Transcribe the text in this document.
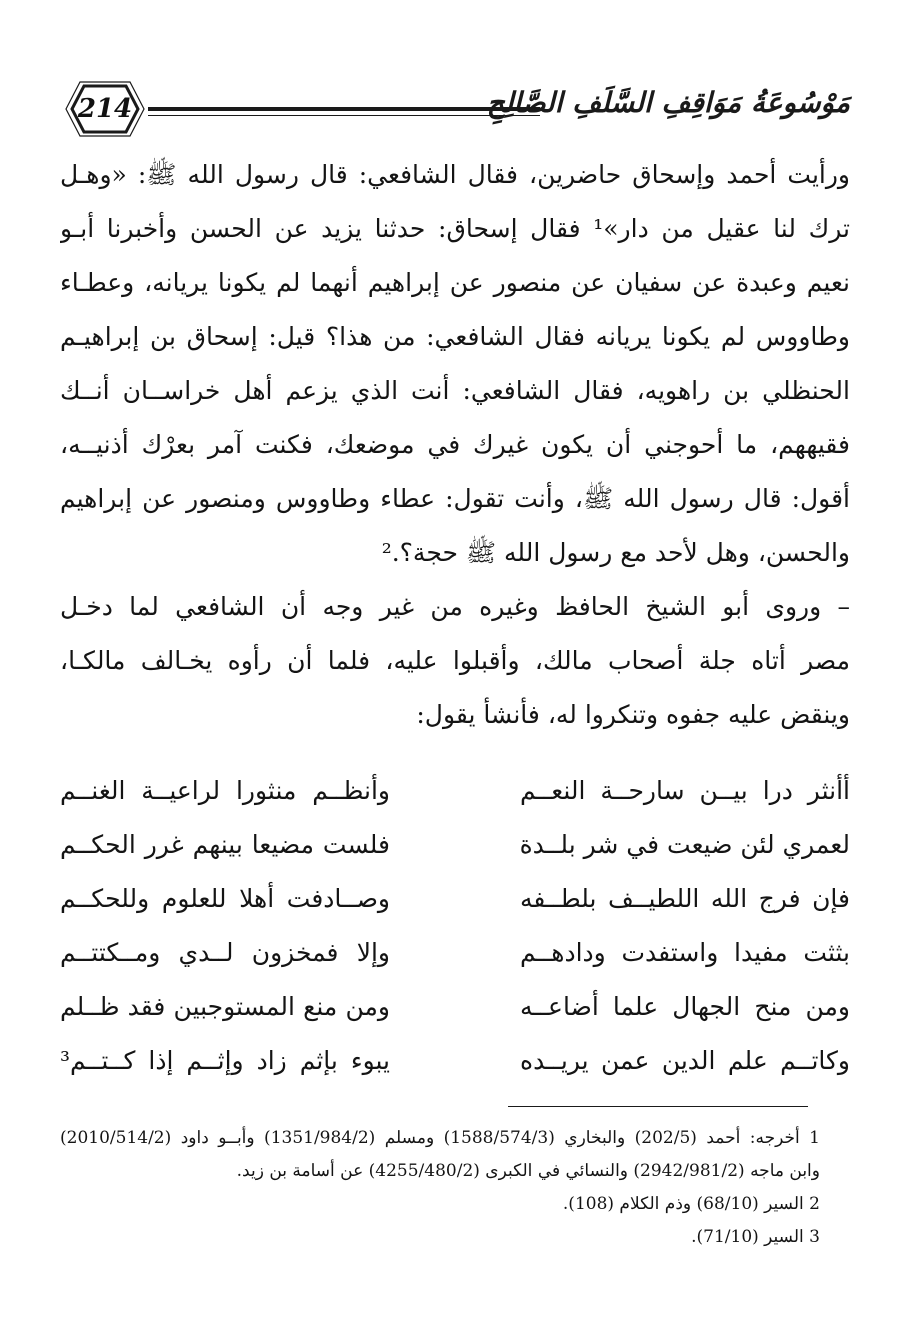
214	مَوْسُوعَةُ مَوَاقِفِ السَّلَفِ الصَّالِحِ
ورأيت أحمد وإسحاق حاضرين، فقال الشافعي: قال رسول الله ﷺ: «وهـل
ترك لنا عقيل من دار»¹ فقال إسحاق: حدثنا يزيد عن الحسن وأخبرنا أبـو
نعيم وعبدة عن سفيان عن منصور عن إبراهيم أنهما لم يكونا يريانه، وعطـاء
وطاووس لم يكونا يريانه فقال الشافعي: من هذا؟ قيل: إسحاق بن إبراهيـم
الحنظلي بن راهويه، فقال الشافعي: أنت الذي يزعم أهل خراســان أنــك
فقيههم، ما أحوجني أن يكون غيرك في موضعك، فكنت آمر بعرْك أذنيــه،
أقول: قال رسول الله ﷺ، وأنت تقول: عطاء وطاووس ومنصور عن إبراهيم
والحسن، وهل لأحد مع رسول الله ﷺ حجة؟.²
– وروى أبو الشيخ الحافظ وغيره من غير وجه أن الشافعي لما دخـل
مصر أتاه جلة أصحاب مالك، وأقبلوا عليه، فلما أن رأوه يخـالف مالكـا،
وينقض عليه جفوه وتنكروا له، فأنشأ يقول:
أأنثر درا بيــن سارحــة النعــم
وأنظــم منثورا لراعيــة الغنــم
لعمري لئن ضيعت في شر بلــدة
فلست مضيعا بينهم غرر الحكــم
فإن فرج الله اللطيــف بلطــفه
وصــادفت أهلا للعلوم وللحكــم
بثثت مفيدا واستفدت ودادهــم
وإلا فمخزون لــدي ومــكتتــم
ومن منح الجهال علما أضاعــه
ومن منع المستوجبين فقد ظــلم
وكاتــم علم الدين عمن يريــده
يبوء بإثم زاد وإثــم إذا كــتــم³
1 أخرجه: أحمد (202/5) والبخاري (1588/574/3) ومسلم (1351/984/2) وأبــو داود (2010/514/2)
وابن ماجه (2942/981/2) والنسائي في الكبرى (4255/480/2) عن أسامة بن زيد.
2 السير (68/10) وذم الكلام (108).
3 السير (71/10).
